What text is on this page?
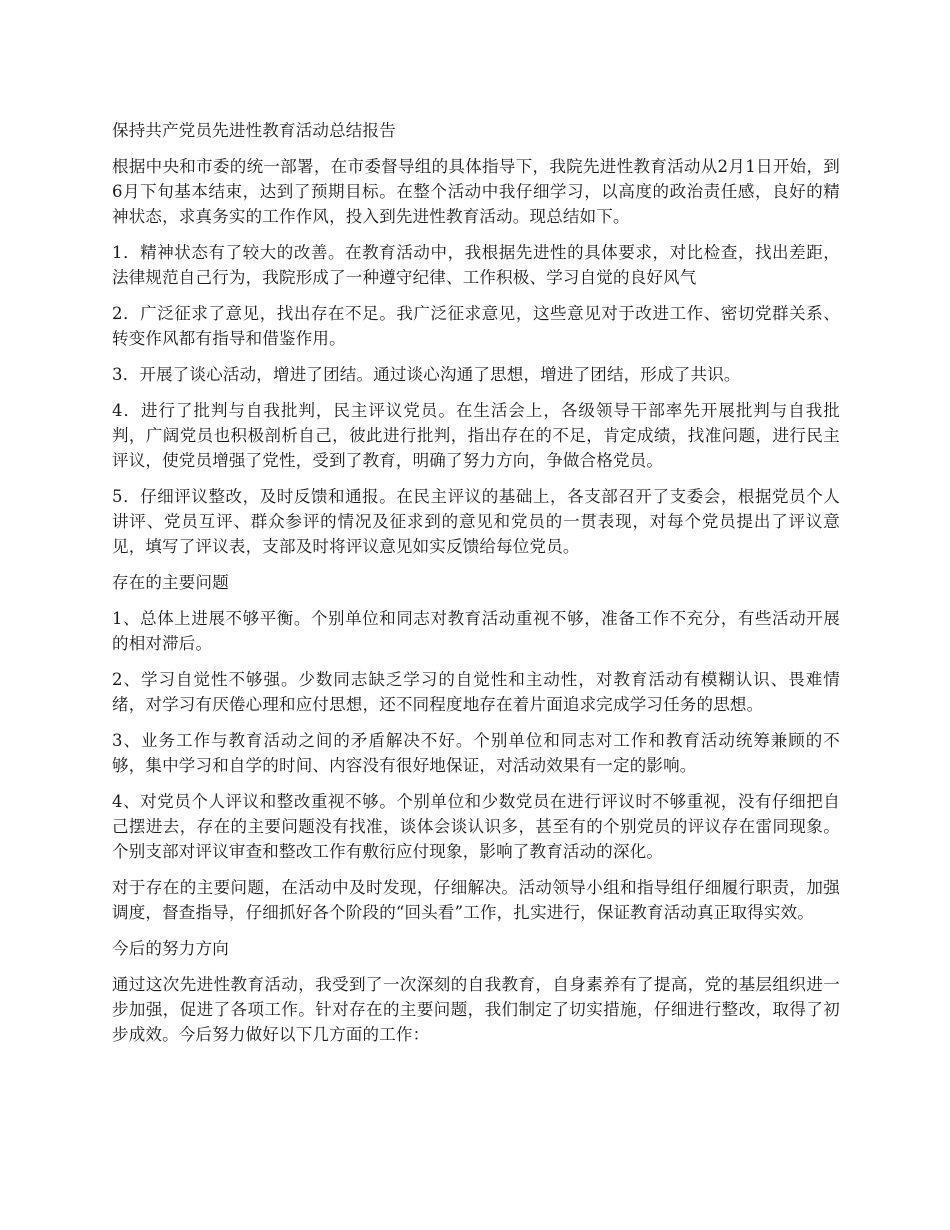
保持共产党员先进性教育活动总结报告

根据中央和市委的统一部署，在市委督导组的具体指导下，我院先进性教育活动从2月1日开始，到6月下旬基本结束，达到了预期目标。在整个活动中我仔细学习，以高度的政治责任感，良好的精神状态，求真务实的工作作风，投入到先进性教育活动。现总结如下。

1．精神状态有了较大的改善。在教育活动中，我根据先进性的具体要求，对比检查，找出差距，法律规范自己行为，我院形成了一种遵守纪律、工作积极、学习自觉的良好风气

2．广泛征求了意见，找出存在不足。我广泛征求意见，这些意见对于改进工作、密切党群关系、转变作风都有指导和借鉴作用。

3．开展了谈心活动，增进了团结。通过谈心沟通了思想，增进了团结，形成了共识。

4．进行了批判与自我批判，民主评议党员。在生活会上，各级领导干部率先开展批判与自我批判，广阔党员也积极剖析自己，彼此进行批判，指出存在的不足，肯定成绩，找准问题，进行民主评议，使党员增强了党性，受到了教育，明确了努力方向，争做合格党员。

5．仔细评议整改，及时反馈和通报。在民主评议的基础上，各支部召开了支委会，根据党员个人讲评、党员互评、群众参评的情况及征求到的意见和党员的一贯表现，对每个党员提出了评议意见，填写了评议表，支部及时将评议意见如实反馈给每位党员。

存在的主要问题

1、总体上进展不够平衡。个别单位和同志对教育活动重视不够，准备工作不充分，有些活动开展的相对滞后。

2、学习自觉性不够强。少数同志缺乏学习的自觉性和主动性，对教育活动有模糊认识、畏难情绪，对学习有厌倦心理和应付思想，还不同程度地存在着片面追求完成学习任务的思想。

3、业务工作与教育活动之间的矛盾解决不好。个别单位和同志对工作和教育活动统筹兼顾的不够，集中学习和自学的时间、内容没有很好地保证，对活动效果有一定的影响。

4、对党员个人评议和整改重视不够。个别单位和少数党员在进行评议时不够重视，没有仔细把自己摆进去，存在的主要问题没有找准，谈体会谈认识多，甚至有的个别党员的评议存在雷同现象。个别支部对评议审查和整改工作有敷衍应付现象，影响了教育活动的深化。

对于存在的主要问题，在活动中及时发现，仔细解决。活动领导小组和指导组仔细履行职责，加强调度，督查指导，仔细抓好各个阶段的“回头看”工作，扎实进行，保证教育活动真正取得实效。

今后的努力方向

通过这次先进性教育活动，我受到了一次深刻的自我教育，自身素养有了提高，党的基层组织进一步加强，促进了各项工作。针对存在的主要问题，我们制定了切实措施，仔细进行整改，取得了初步成效。今后努力做好以下几方面的工作：
